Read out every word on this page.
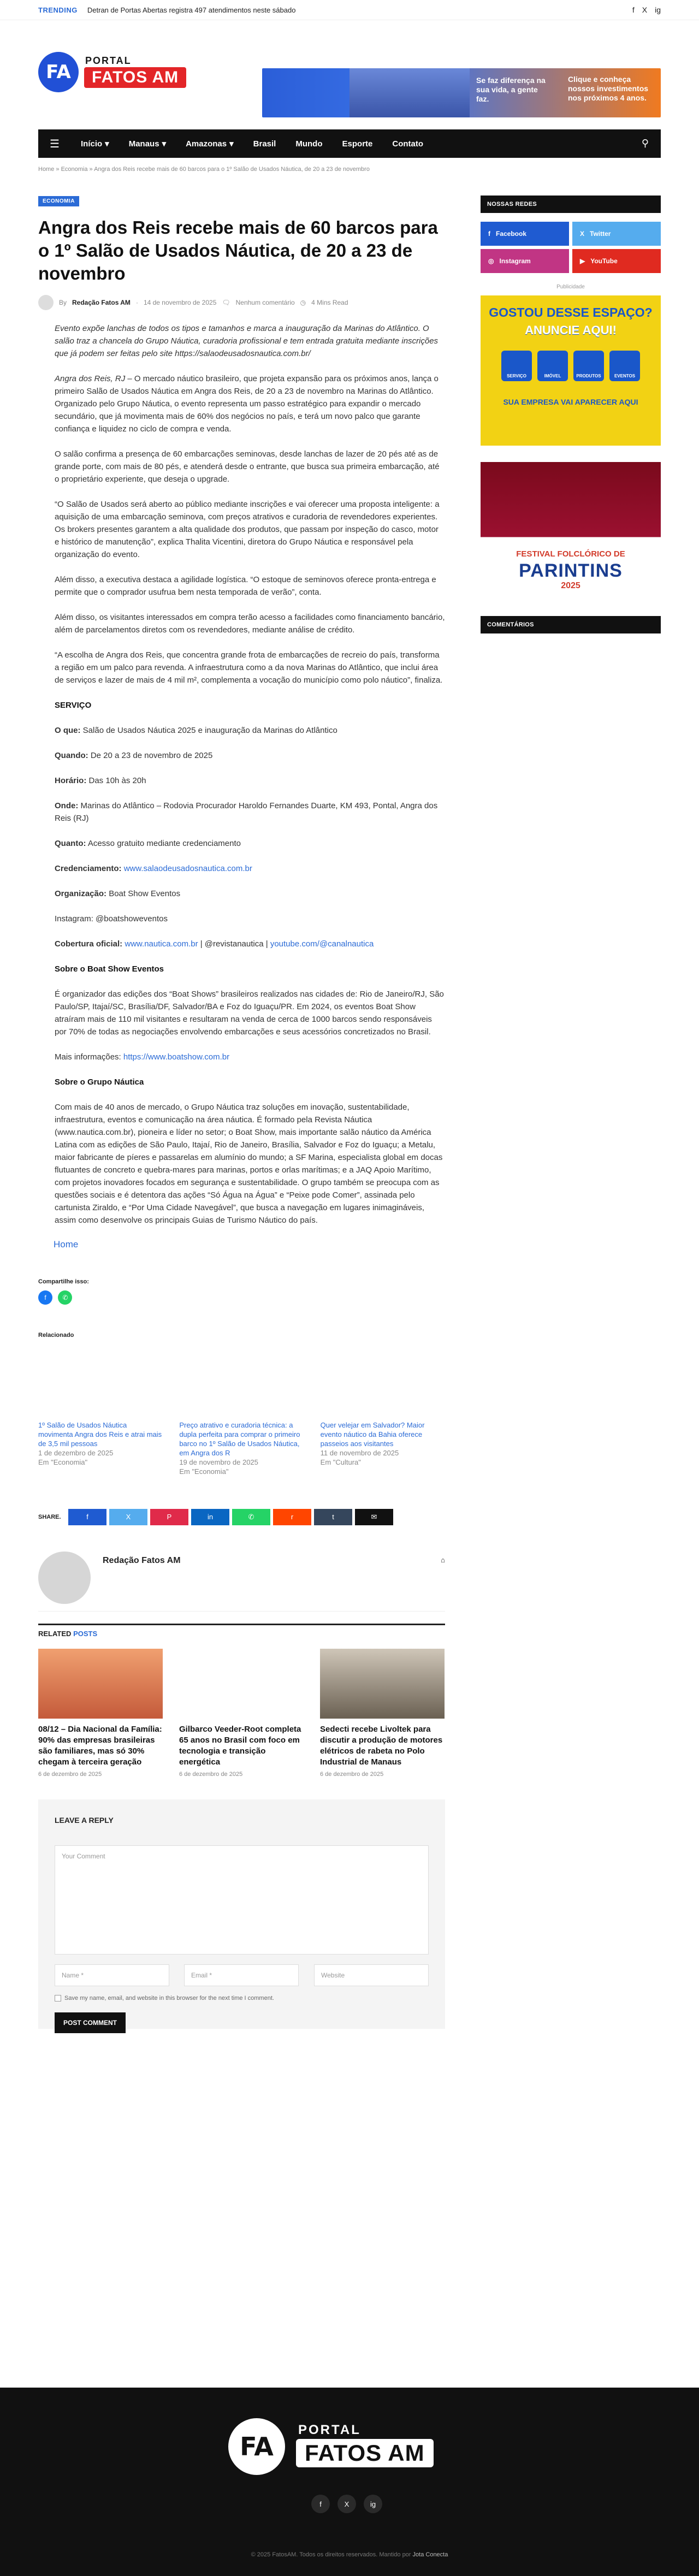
TRENDING Detran de Portas Abertas registra 497 atendimentos neste sábado	f X ig
FA
PORTAL
FATOS AM	Se faz diferença na sua vida, a gente faz.
Clique e conheça nossos investimentos nos próximos 4 anos.
☰	Início ▾ Manaus ▾ Amazonas ▾	Brasil	Mundo	Esporte	Contato	⚲
Home » Economia » Angra dos Reis recebe mais de 60 barcos para o 1º Salão de Usados Náutica, de 20 a 23 de novembro
ECONOMIA
Angra dos Reis recebe mais de 60 barcos para o 1º Salão de Usados Náutica, de 20 a 23 de novembro
By Redação Fatos AM · 14 de novembro de 2025 🗨 Nenhum comentário ◷ 4 Mins Read

Evento expõe lanchas de todos os tipos e tamanhos e marca a inauguração da Marinas do Atlântico. O salão traz a chancela do Grupo Náutica, curadoria profissional e tem entrada gratuita mediante inscrições que já podem ser feitas pelo site https://salaodeusadosnautica.com.br/

Angra dos Reis, RJ – O mercado náutico brasileiro, que projeta expansão para os próximos anos, lança o primeiro Salão de Usados Náutica em Angra dos Reis, de 20 a 23 de novembro na Marinas do Atlântico. Organizado pelo Grupo Náutica, o evento representa um passo estratégico para expandir o mercado secundário, que já movimenta mais de 60% dos negócios no país, e terá um novo palco que garante confiança e liquidez no ciclo de compra e venda.

O salão confirma a presença de 60 embarcações seminovas, desde lanchas de lazer de 20 pés até as de grande porte, com mais de 80 pés, e atenderá desde o entrante, que busca sua primeira embarcação, até o proprietário experiente, que deseja o upgrade.

“O Salão de Usados será aberto ao público mediante inscrições e vai oferecer uma proposta inteligente: a aquisição de uma embarcação seminova, com preços atrativos e curadoria de revendedores experientes. Os brokers presentes garantem a alta qualidade dos produtos, que passam por inspeção do casco, motor e histórico de manutenção”, explica Thalita Vicentini, diretora do Grupo Náutica e responsável pela organização do evento.

Além disso, a executiva destaca a agilidade logística. “O estoque de seminovos oferece pronta-entrega e permite que o comprador usufrua bem nesta temporada de verão”, conta.

Além disso, os visitantes interessados em compra terão acesso a facilidades como financiamento bancário, além de parcelamentos diretos com os revendedores, mediante análise de crédito.

“A escolha de Angra dos Reis, que concentra grande frota de embarcações de recreio do país, transforma a região em um palco para revenda. A infraestrutura como a da nova Marinas do Atlântico, que inclui área de serviços e lazer de mais de 4 mil m², complementa a vocação do município como polo náutico”, finaliza.

SERVIÇO

O que: Salão de Usados Náutica 2025 e inauguração da Marinas do Atlântico

Quando: De 20 a 23 de novembro de 2025

Horário: Das 10h às 20h

Onde: Marinas do Atlântico – Rodovia Procurador Haroldo Fernandes Duarte, KM 493, Pontal, Angra dos Reis (RJ)

Quanto: Acesso gratuito mediante credenciamento

Credenciamento: www.salaodeusadosnautica.com.br

Organização: Boat Show Eventos

Instagram: @boatshoweventos

Cobertura oficial: www.nautica.com.br | @revistanautica | youtube.com/@canalnautica

Sobre o Boat Show Eventos

É organizador das edições dos “Boat Shows” brasileiros realizados nas cidades de: Rio de Janeiro/RJ, São Paulo/SP, Itajaí/SC, Brasília/DF, Salvador/BA e Foz do Iguaçu/PR. Em 2024, os eventos Boat Show atraíram mais de 110 mil visitantes e resultaram na venda de cerca de 1000 barcos sendo responsáveis por 70% de todas as negociações envolvendo embarcações e seus acessórios concretizados no Brasil.

Mais informações: https://www.boatshow.com.br

Sobre o Grupo Náutica

Com mais de 40 anos de mercado, o Grupo Náutica traz soluções em inovação, sustentabilidade, infraestrutura, eventos e comunicação na área náutica. É formado pela Revista Náutica (www.nautica.com.br), pioneira e líder no setor; o Boat Show, mais importante salão náutico da América Latina com as edições de São Paulo, Itajaí, Rio de Janeiro, Brasília, Salvador e Foz do Iguaçu; a Metalu, maior fabricante de píeres e passarelas em alumínio do mundo; a SF Marina, especialista global em docas flutuantes de concreto e quebra-mares para marinas, portos e orlas marítimas; e a JAQ Apoio Marítimo, com projetos inovadores focados em segurança e sustentabilidade. O grupo também se preocupa com as questões sociais e é detentora das ações “Só Água na Água” e “Peixe pode Comer”, assinada pelo cartunista Ziraldo, e “Por Uma Cidade Navegável”, que busca a navegação em lugares inimagináveis, assim como desenvolve os principais Guias de Turismo Náutico do país.

Home
Compartilhe isso:
f ✆
Relacionado
1º Salão de Usados Náutica movimenta Angra dos Reis e atrai mais de 3,5 mil pessoas
1 de dezembro de 2025
Em "Economia"
Preço atrativo e curadoria técnica: a dupla perfeita para comprar o primeiro barco no 1º Salão de Usados Náutica, em Angra dos R
19 de novembro de 2025
Em "Economia"
Quer velejar em Salvador? Maior evento náutico da Bahia oferece passeios aos visitantes
11 de novembro de 2025
Em "Cultura"
SHARE.	f	X	P	in	✆	r	t	✉
Redação Fatos AM	⌂
RELATED POSTS
08/12 – Dia Nacional da Família: 90% das empresas brasileiras são familiares, mas só 30% chegam à terceira geração
6 de dezembro de 2025
Gilbarco Veeder-Root completa 65 anos no Brasil com foco em tecnologia e transição energética
6 de dezembro de 2025
Sedecti recebe Livoltek para discutir a produção de motores elétricos de rabeta no Polo Industrial de Manaus
6 de dezembro de 2025
LEAVE A REPLY
Your Comment
Name *	Email *	Website
Save my name, email, and website in this browser for the next time I comment.
POST COMMENT
NOSSAS REDES
f Facebook	X Twitter
◎ Instagram	▶ YouTube
Publicidade
GOSTOU DESSE ESPAÇO?
ANUNCIE AQUI!
SERVIÇO	IMÓVEL	PRODUTOS	EVENTOS
SUA EMPRESA VAI APARECER AQUI
FESTIVAL FOLCLÓRICO DE
PARINTINS
2025
COMENTÁRIOS
FA
PORTAL
FATOS AM
f	X	ig
© 2025 FatosAM. Todos os direitos reservados. Mantido por Jota Conecta
